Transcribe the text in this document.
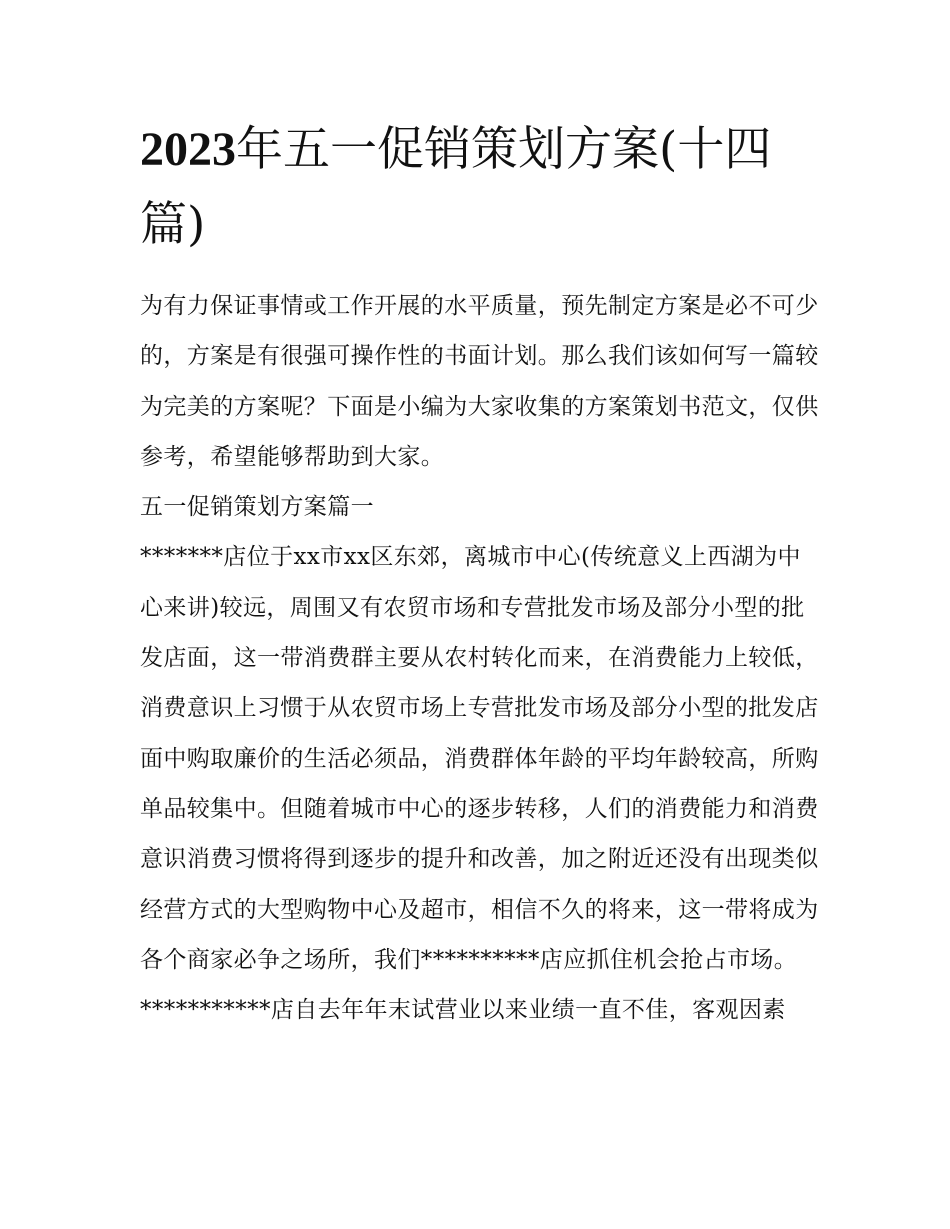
2023年五一促销策划方案(十四篇)

为有力保证事情或工作开展的水平质量，预先制定方案是必不可少的，方案是有很强可操作性的书面计划。那么我们该如何写一篇较为完美的方案呢？下面是小编为大家收集的方案策划书范文，仅供参考，希望能够帮助到大家。

五一促销策划方案篇一

*******店位于xx市xx区东郊，离城市中心(传统意义上西湖为中心来讲)较远，周围又有农贸市场和专营批发市场及部分小型的批发店面，这一带消费群主要从农村转化而来，在消费能力上较低，消费意识上习惯于从农贸市场上专营批发市场及部分小型的批发店面中购取廉价的生活必须品，消费群体年龄的平均年龄较高，所购单品较集中。但随着城市中心的逐步转移，人们的消费能力和消费意识消费习惯将得到逐步的提升和改善，加之附近还没有出现类似经营方式的大型购物中心及超市，相信不久的将来，这一带将成为各个商家必争之场所，我们**********店应抓住机会抢占市场。

***********店自去年年末试营业以来业绩一直不佳，客观因素
